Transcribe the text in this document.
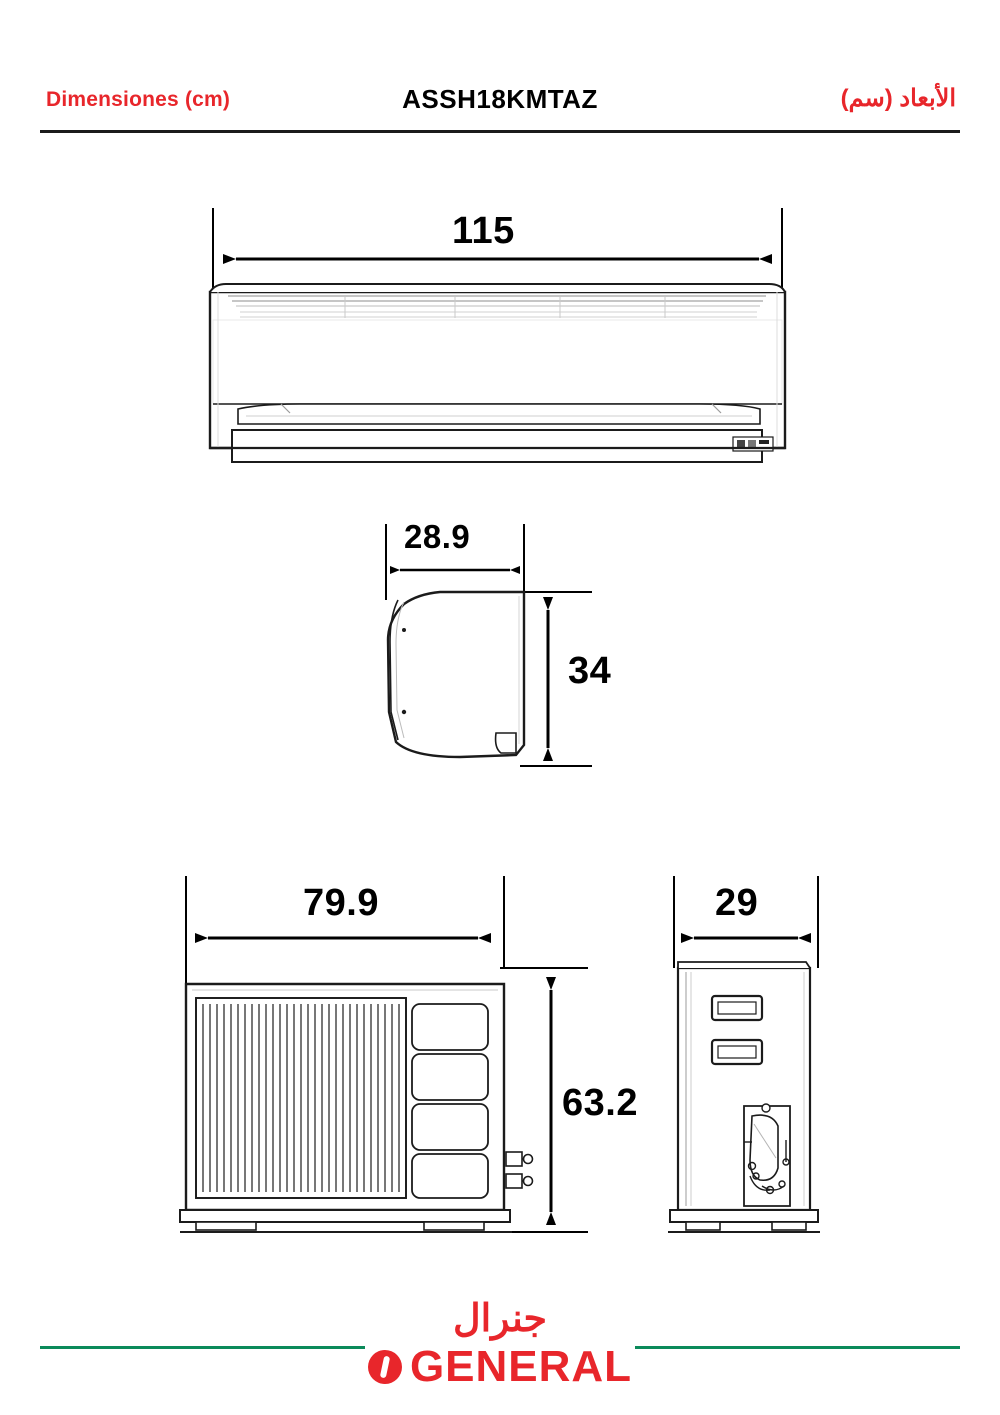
Dimensiones (cm)	ASSH18KMTAZ	الأبعاد (سم)
115
28.9
34
79.9
63.2
29
جنرال
GENERAL
